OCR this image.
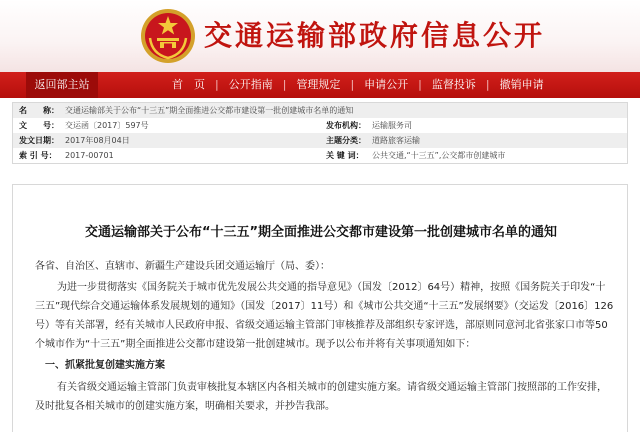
交通运输部政府信息公开
返回部主站	首　页 | 公开指南 | 管理规定 | 申请公开 | 监督投诉 | 撤销申请
名　　称： 交通运输部关于公布“十三五”期全面推进公交都市建设第一批创建城市名单的通知
文　　号： 交运函〔2017〕597号	发布机构： 运输服务司
发文日期： 2017年08月04日	主题分类： 道路旅客运输
索 引 号：	2017-00701	关 键 词：	公共交通,“十三五”,公交都市创建城市
交通运输部关于公布“十三五”期全面推进公交都市建设第一批创建城市名单的通知
各省、自治区、直辖市、新疆生产建设兵团交通运输厅（局、委）：
为进一步贯彻落实《国务院关于城市优先发展公共交通的指导意见》（国发〔2012〕64号）精神，按照《国务院关于印发“十三五”现代综合交通运输体系发展规划的通知》（国发〔2017〕11号）和《城市公共交通“十三五”发展纲要》（交运发〔2016〕126号）等有关部署，经有关城市人民政府申报、省级交通运输主管部门审核推荐及部组织专家评选，部原则同意河北省张家口市等50个城市作为“十三五”期全面推进公交都市建设第一批创建城市。现予以公布并将有关事项通知如下：
一、抓紧批复创建实施方案
有关省级交通运输主管部门负责审核批复本辖区内各相关城市的创建实施方案。请省级交通运输主管部门按照部的工作安排，及时批复各相关城市的创建实施方案，明确相关要求，并抄告我部。
